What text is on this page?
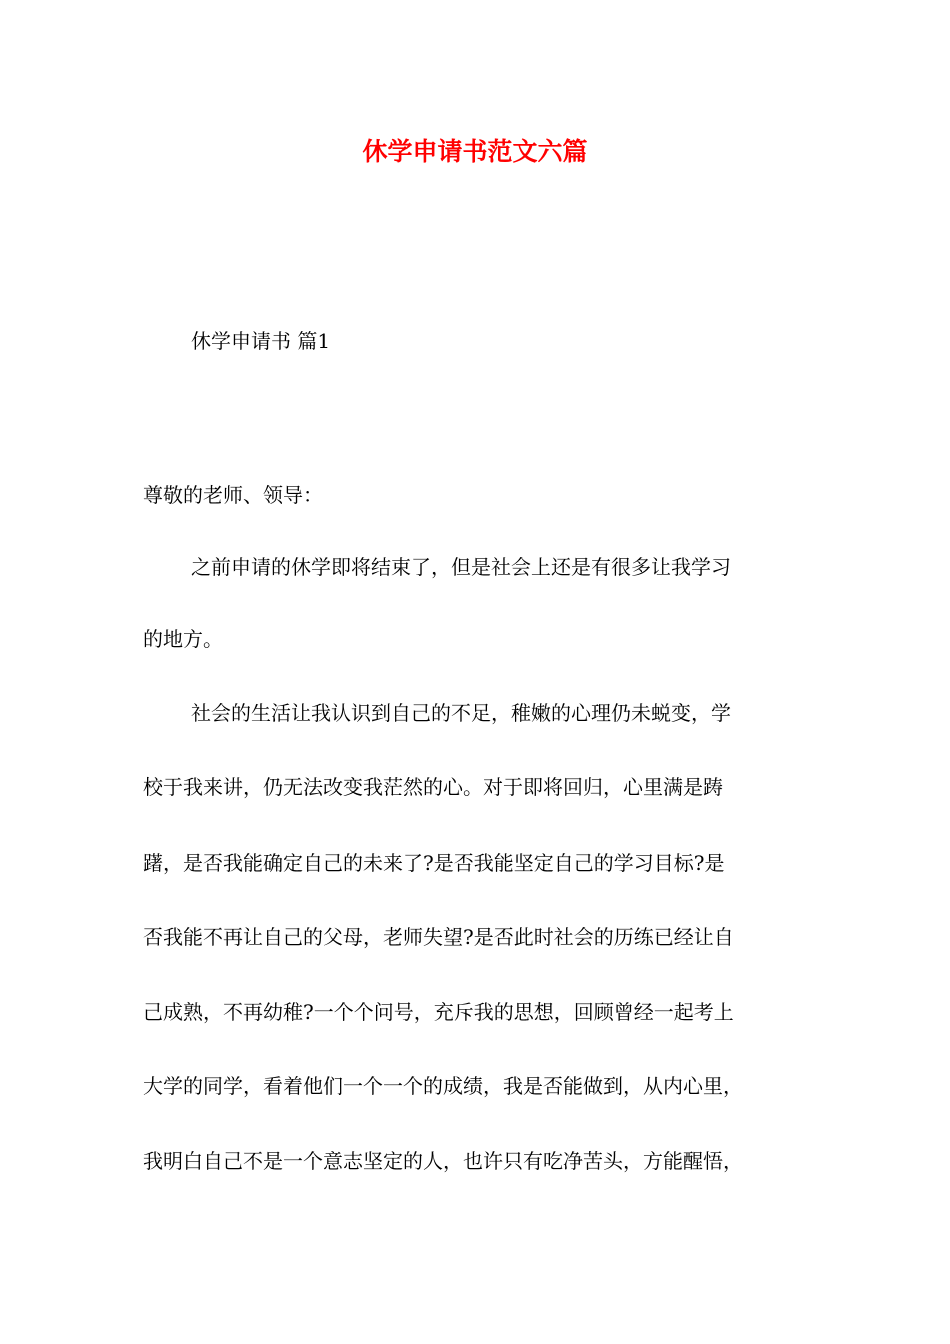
休学申请书范文六篇
休学申请书 篇1
尊敬的老师、领导：
之前申请的休学即将结束了，但是社会上还是有很多让我学习
的地方。
社会的生活让我认识到自己的不足，稚嫩的心理仍未蜕变，学
校于我来讲，仍无法改变我茫然的心。对于即将回归，心里满是踌
躇，是否我能确定自己的未来了?是否我能坚定自己的学习目标?是
否我能不再让自己的父母，老师失望?是否此时社会的历练已经让自
己成熟，不再幼稚?一个个问号，充斥我的思想，回顾曾经一起考上
大学的同学，看着他们一个一个的成绩，我是否能做到，从内心里，
我明白自己不是一个意志坚定的人，也许只有吃净苦头，方能醒悟，
